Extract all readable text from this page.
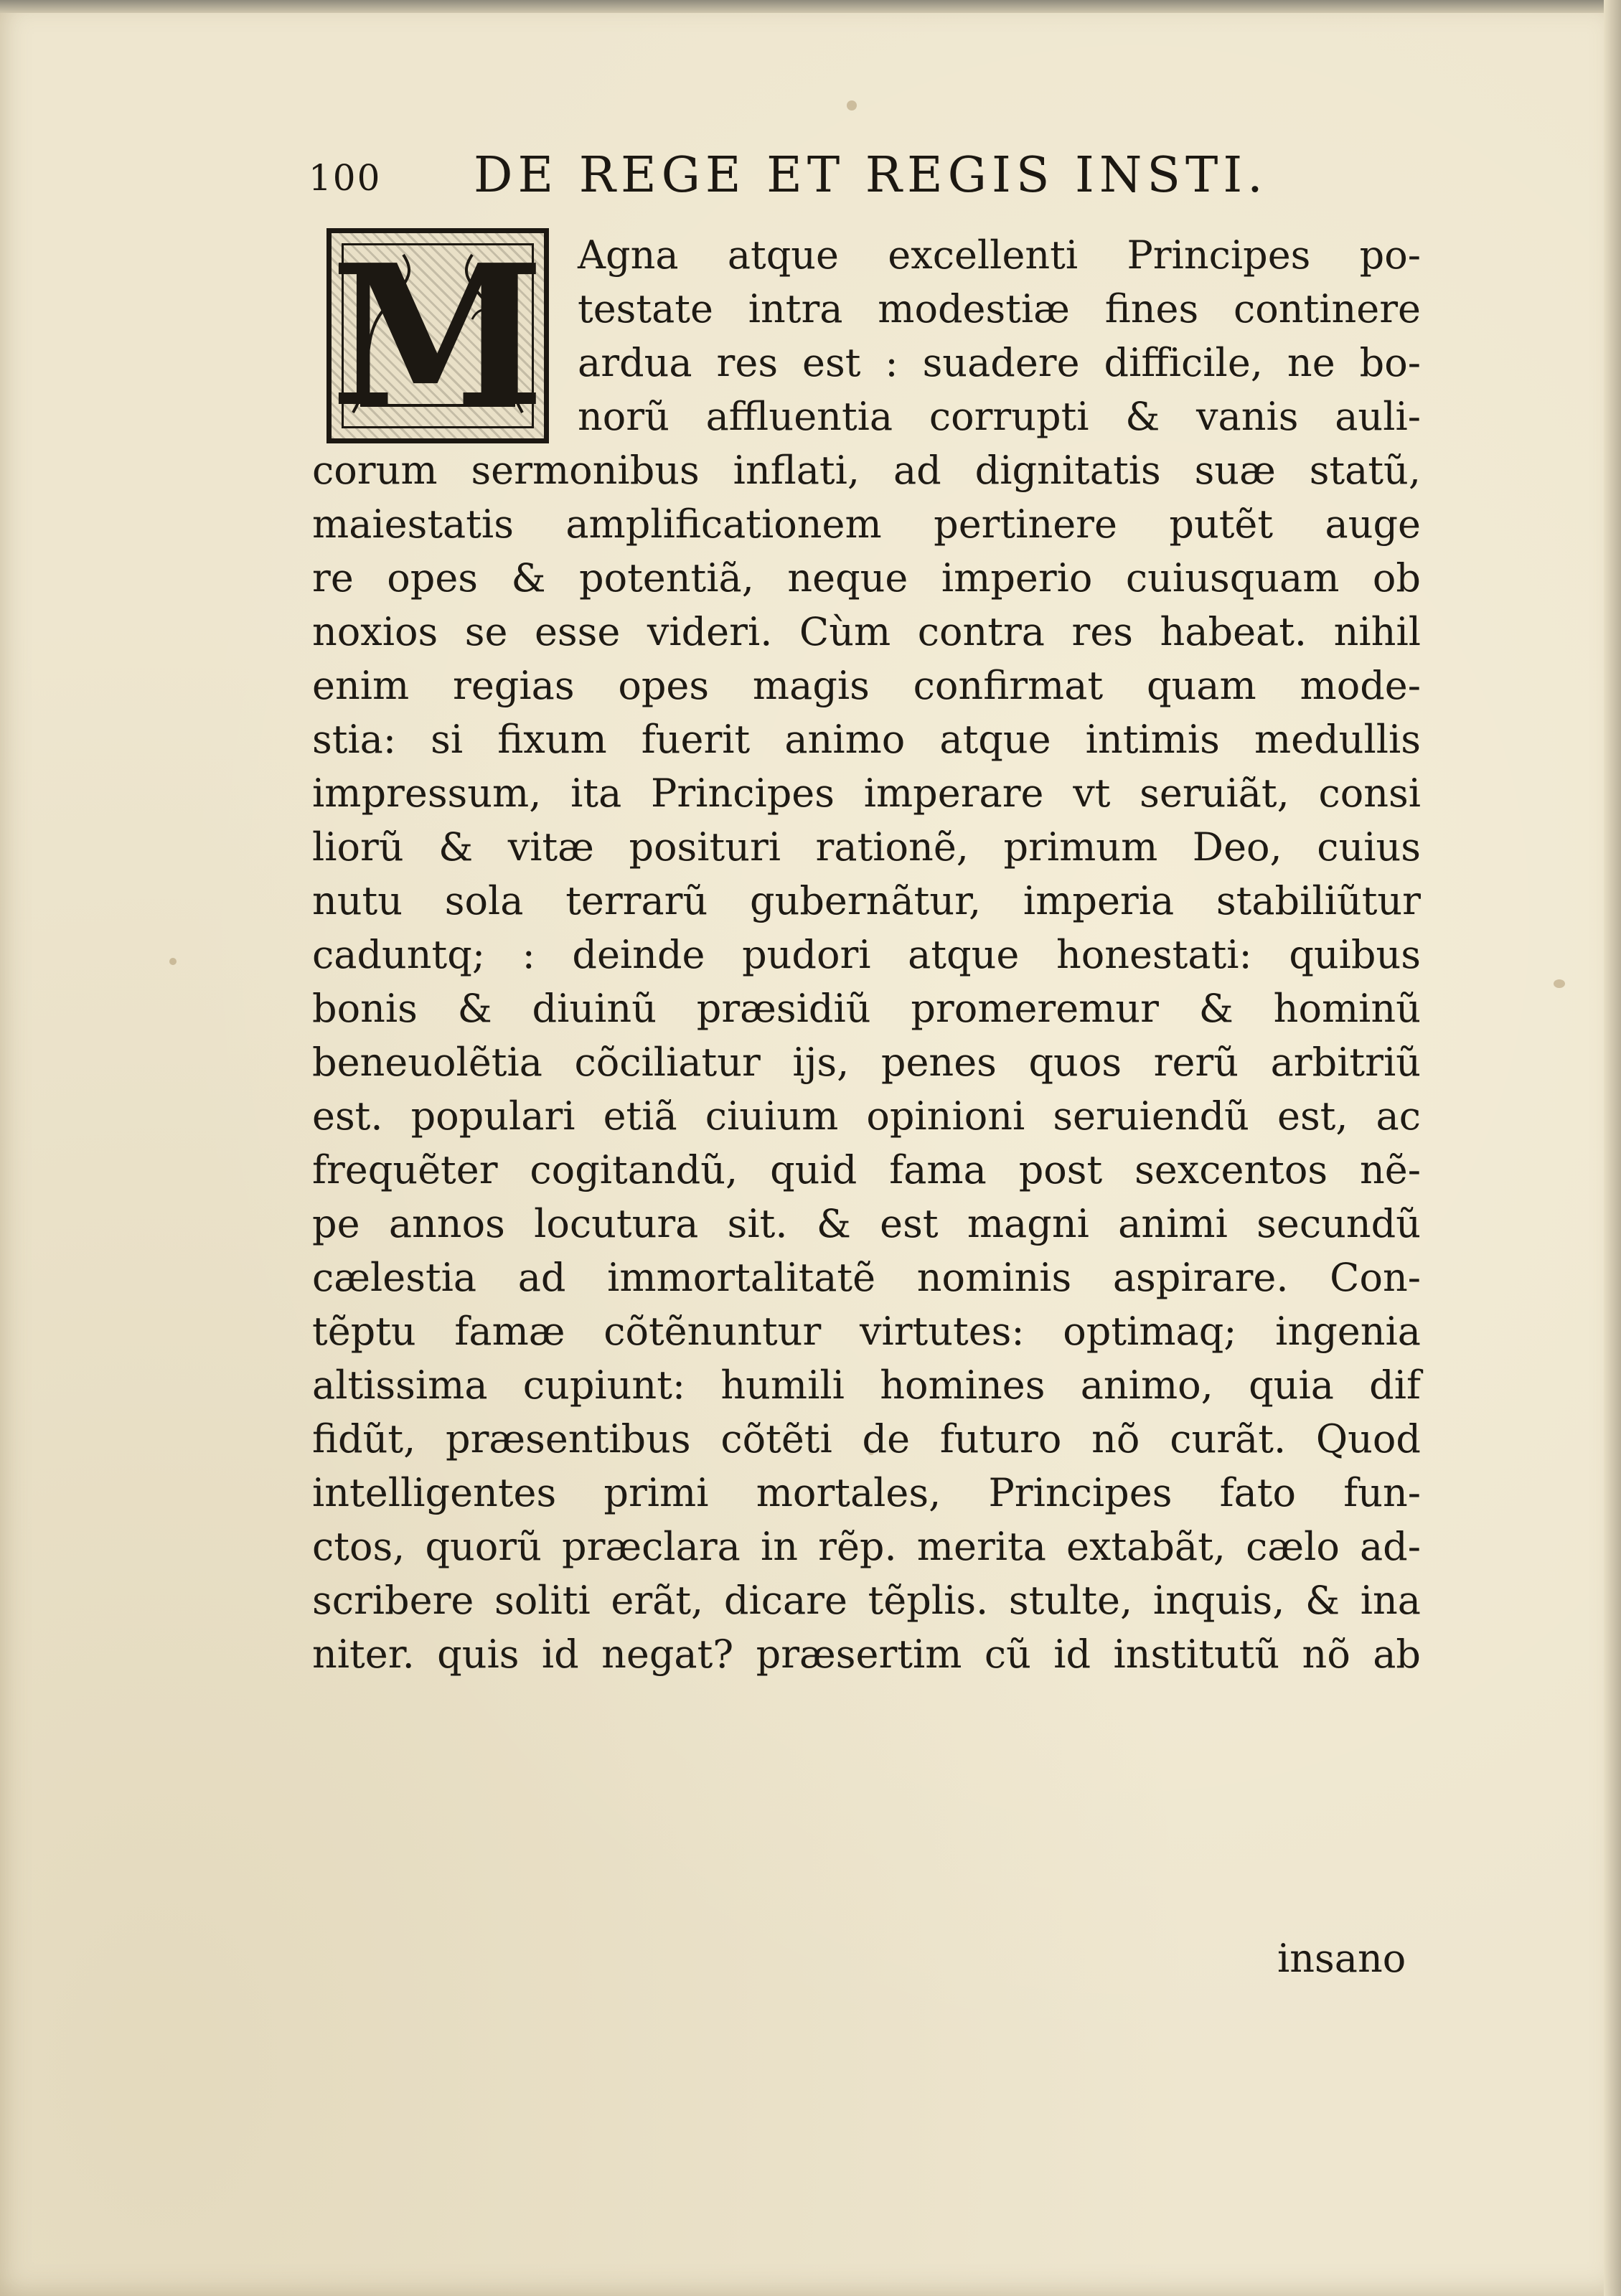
100 DE REGE ET REGIS INSTI.
M Agna atque excellenti Principes po-
testate intra modestiæ fines continere
ardua res est : suadere difficile, ne bo-
norũ affluentia corrupti & vanis auli-
corum sermonibus inflati, ad dignitatis suæ statũ,
maiestatis amplificationem pertinere putẽt auge
re opes & potentiã, neque imperio cuiusquam ob
noxios se esse videri. Cùm contra res habeat. nihil
enim regias opes magis confirmat quam mode-
stia: si fixum fuerit animo atque intimis medullis
impressum, ita Principes imperare vt seruiãt, consi
liorũ & vitæ posituri rationẽ, primum Deo, cuius
nutu sola terrarũ gubernãtur, imperia stabiliũtur
caduntq; : deinde pudori atque honestati: quibus
bonis & diuinũ præsidiũ promeremur & hominũ
beneuolẽtia cõciliatur ijs, penes quos rerũ arbitriũ
est. populari etiã ciuium opinioni seruiendũ est, ac
frequẽter cogitandũ, quid fama post sexcentos nẽ-
pe annos locutura sit. & est magni animi secundũ
cælestia ad immortalitatẽ nominis aspirare. Con-
tẽptu famæ cõtẽnuntur virtutes: optimaq; ingenia
altissima cupiunt: humili homines animo, quia dif
fidũt, præsentibus cõtẽti de futuro nõ curãt. Quod
intelligentes primi mortales, Principes fato fun-
ctos, quorũ præclara in rẽp. merita extabãt, cælo ad-
scribere soliti erãt, dicare tẽplis. stulte, inquis, & ina
niter. quis id negat? præsertim cũ id institutũ nõ ab
insano
